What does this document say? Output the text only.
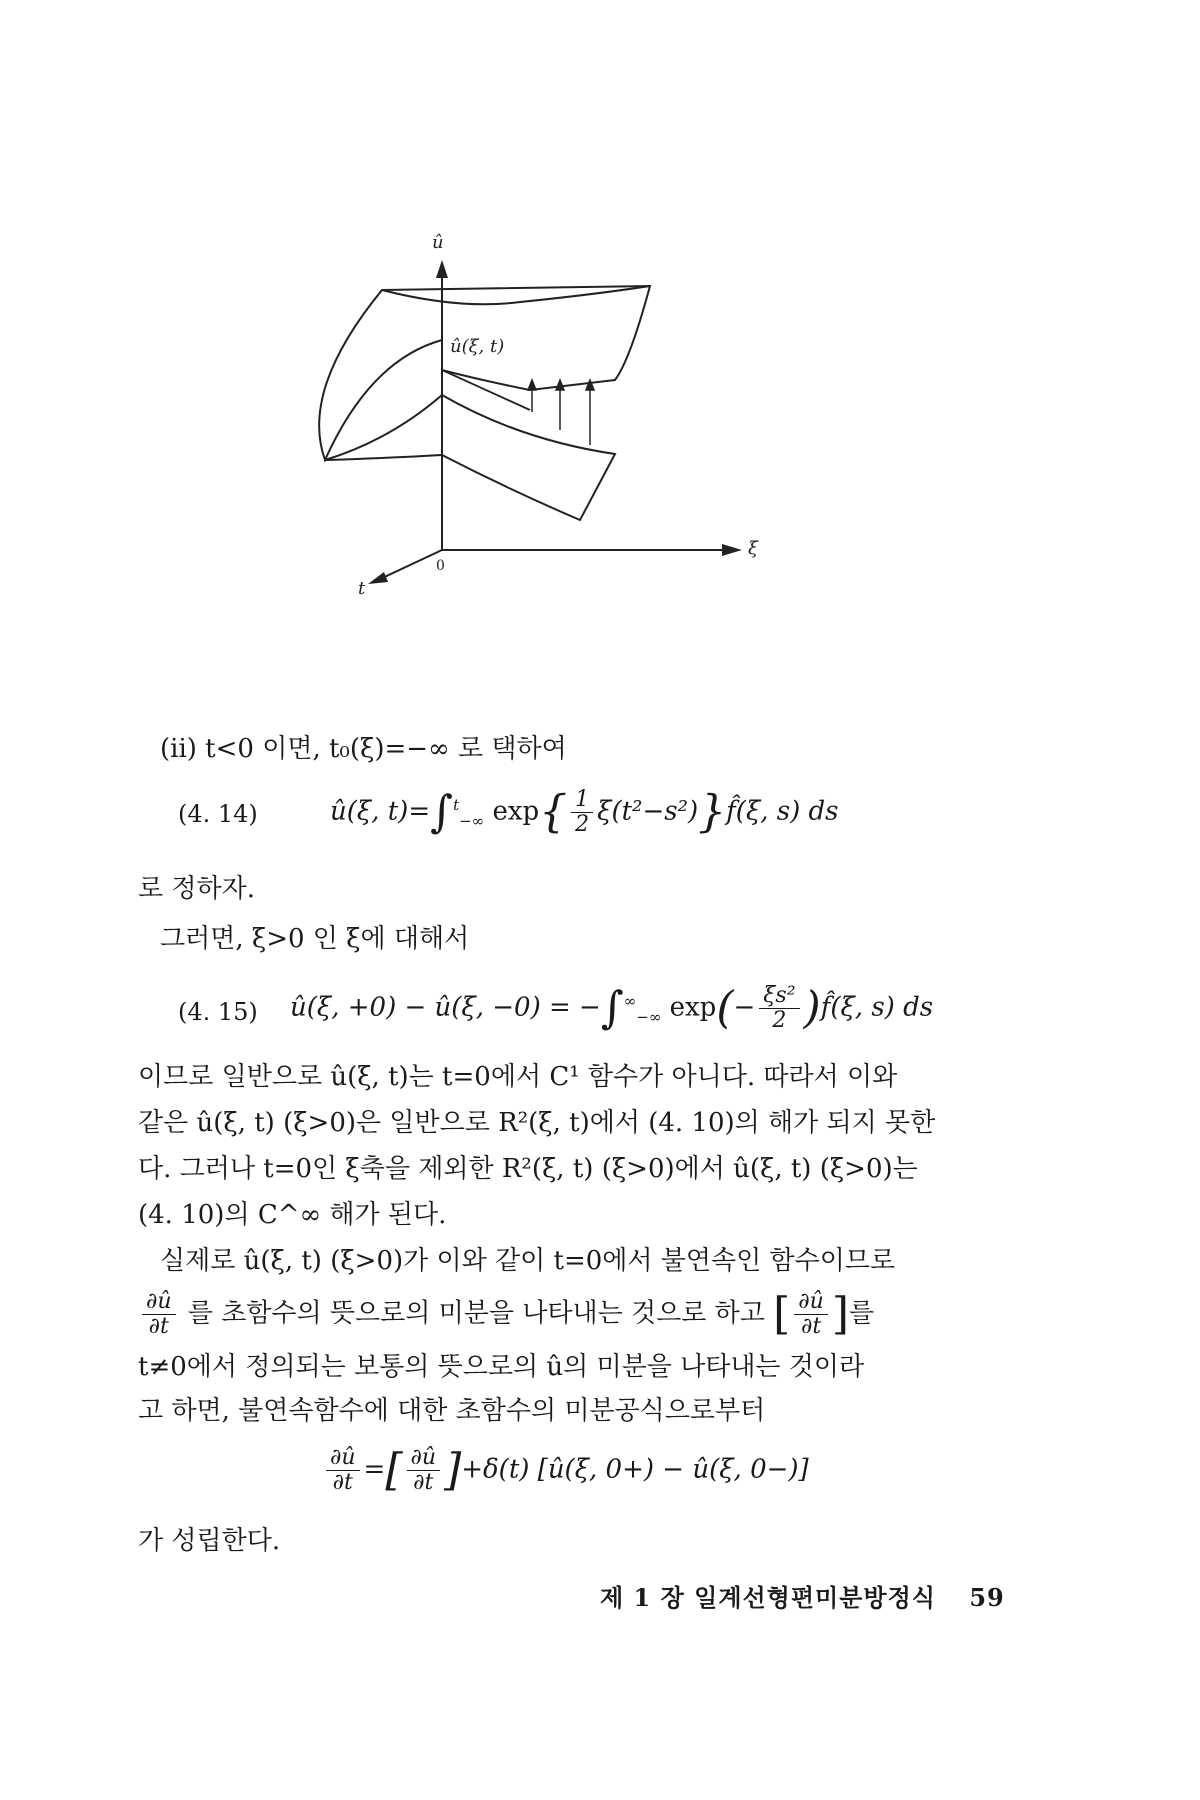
û
û(ξ, t)
ξ
t
0
(ii) t<0 이면, t₀(ξ)=−∞ 로 택하여
(4. 14)	û(ξ, t)=∫$^t_{-\infty}$ $\exp\{ \frac{1}{2}$ ξ(t²−s²)}f̂(ξ, s) ds
로 정하자.
그러면, ξ>0 인 ξ에 대해서
(4. 15) û(ξ, +0) − û(ξ, $-0) = -\int^\infty_{-\infty}$ $\exp(- \frac{\text{ξs²}}{2}$ )f̂(ξ, s) ds
이므로 일반으로 û(ξ, t)는 t=0에서 C¹ 함수가 아니다. 따라서 이와
같은 û(ξ, t) (ξ>0)은 일반으로 R²(ξ, t)에서 (4. 10)의 해가 되지 못한
다. 그러나 t=0인 ξ축을 제외한 R²(ξ, t) (ξ>0)에서 û(ξ, t) (ξ>0)는
(4. 10)의 C^∞ 해가 된다.
실제로 û(ξ, t) (ξ>0)가 이와 같이 t=0에서 불연속인 함수이므로
$\frac{\partial û}{\partial t}$ 를 초함수의 뜻으로의 미분을 나타내는 것으로 하고 [ $\frac{\partial û}{\partial t}$ ]를
t≠0에서 정의되는 보통의 뜻으로의 û의 미분을 나타내는 것이라
고 하면, 불연속함수에 대한 초함수의 미분공식으로부터
$\frac{\partial û}{\partial t}$ =[ $\frac{\partial û}{\partial t} ]+\delta(t)$ [û(ξ, 0+) − û(ξ, 0−)]
가 성립한다.
제 1 장 일계선형편미분방정식 59
